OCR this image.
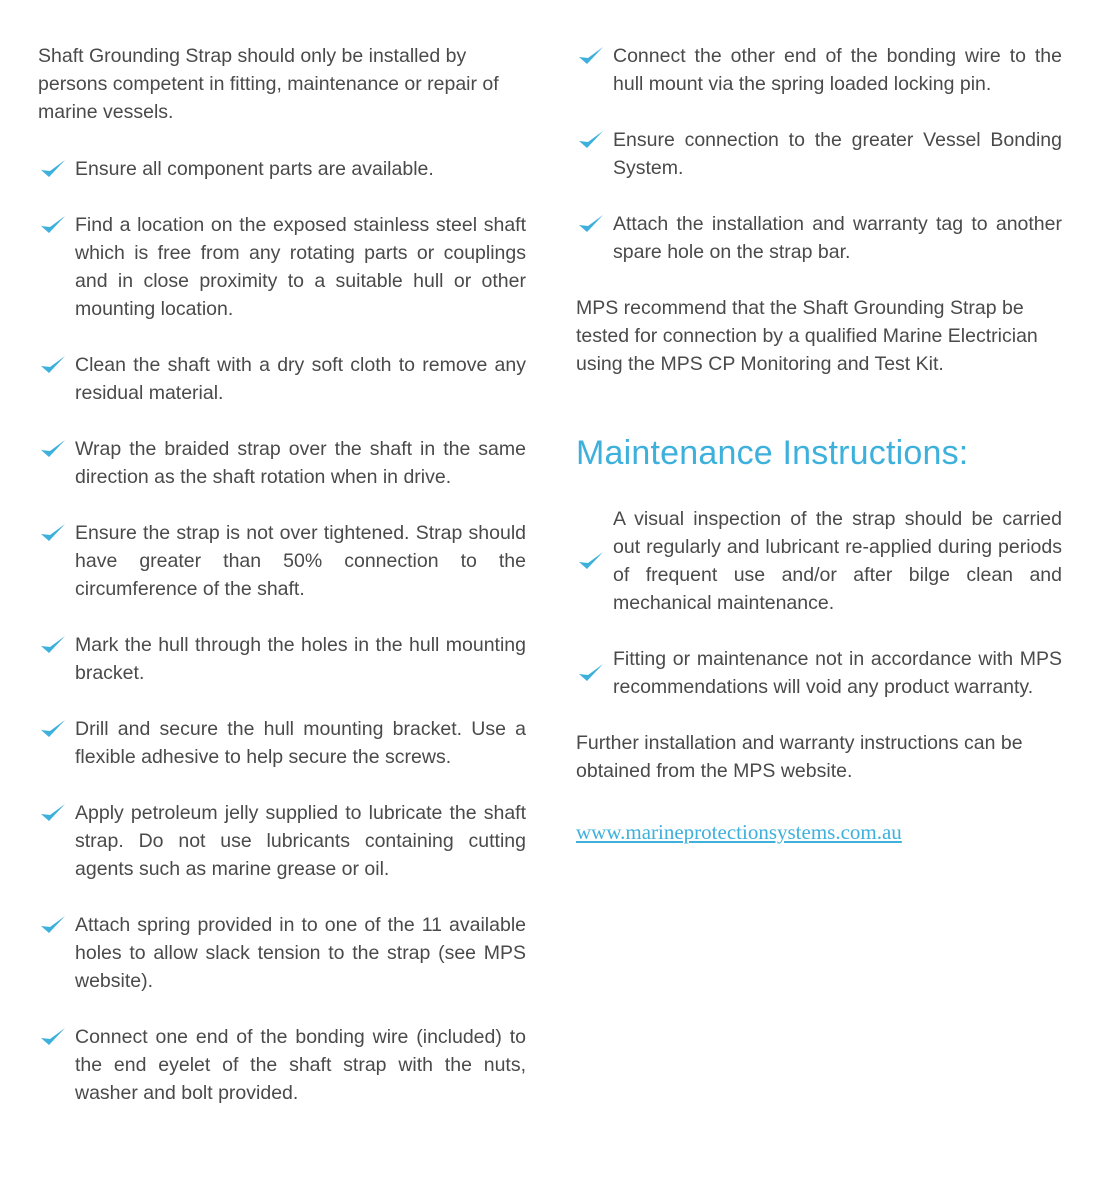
Shaft Grounding Strap should only be installed by persons competent in fitting, maintenance or repair of marine vessels.

Ensure all component parts are available.
Find a location on the exposed stainless steel shaft which is free from any rotating parts or couplings and in close proximity to a suitable hull or other mounting location.
Clean the shaft with a dry soft cloth to remove any residual material.
Wrap the braided strap over the shaft in the same direction as the shaft rotation when in drive.
Ensure the strap is not over tightened. Strap should have greater than 50% connection to the circumference of the shaft.
Mark the hull through the holes in the hull mounting bracket.
Drill and secure the hull mounting bracket. Use a flexible adhesive to help secure the screws.
Apply petroleum jelly supplied to lubricate the shaft strap. Do not use lubricants containing cutting agents such as marine grease or oil.
Attach spring provided in to one of the 11 available holes to allow slack tension to the strap (see MPS website).
Connect one end of the bonding wire (included) to the end eyelet of the shaft strap with the nuts, washer and bolt provided.
Connect the other end of the bonding wire to the hull mount via the spring loaded locking pin.
Ensure connection to the greater Vessel Bonding System.
Attach the installation and warranty tag to another spare hole on the strap bar.

MPS recommend that the Shaft Grounding Strap be tested for connection by a qualified Marine Electrician using the MPS CP Monitoring and Test Kit.

Maintenance Instructions:
A visual inspection of the strap should be carried out regularly and lubricant re-applied during periods of frequent use and/or after bilge clean and mechanical maintenance.
Fitting or maintenance not in accordance with MPS recommendations will void any product warranty.

Further installation and warranty instructions can be obtained from the MPS website.

www.marineprotectionsystems.com.au
